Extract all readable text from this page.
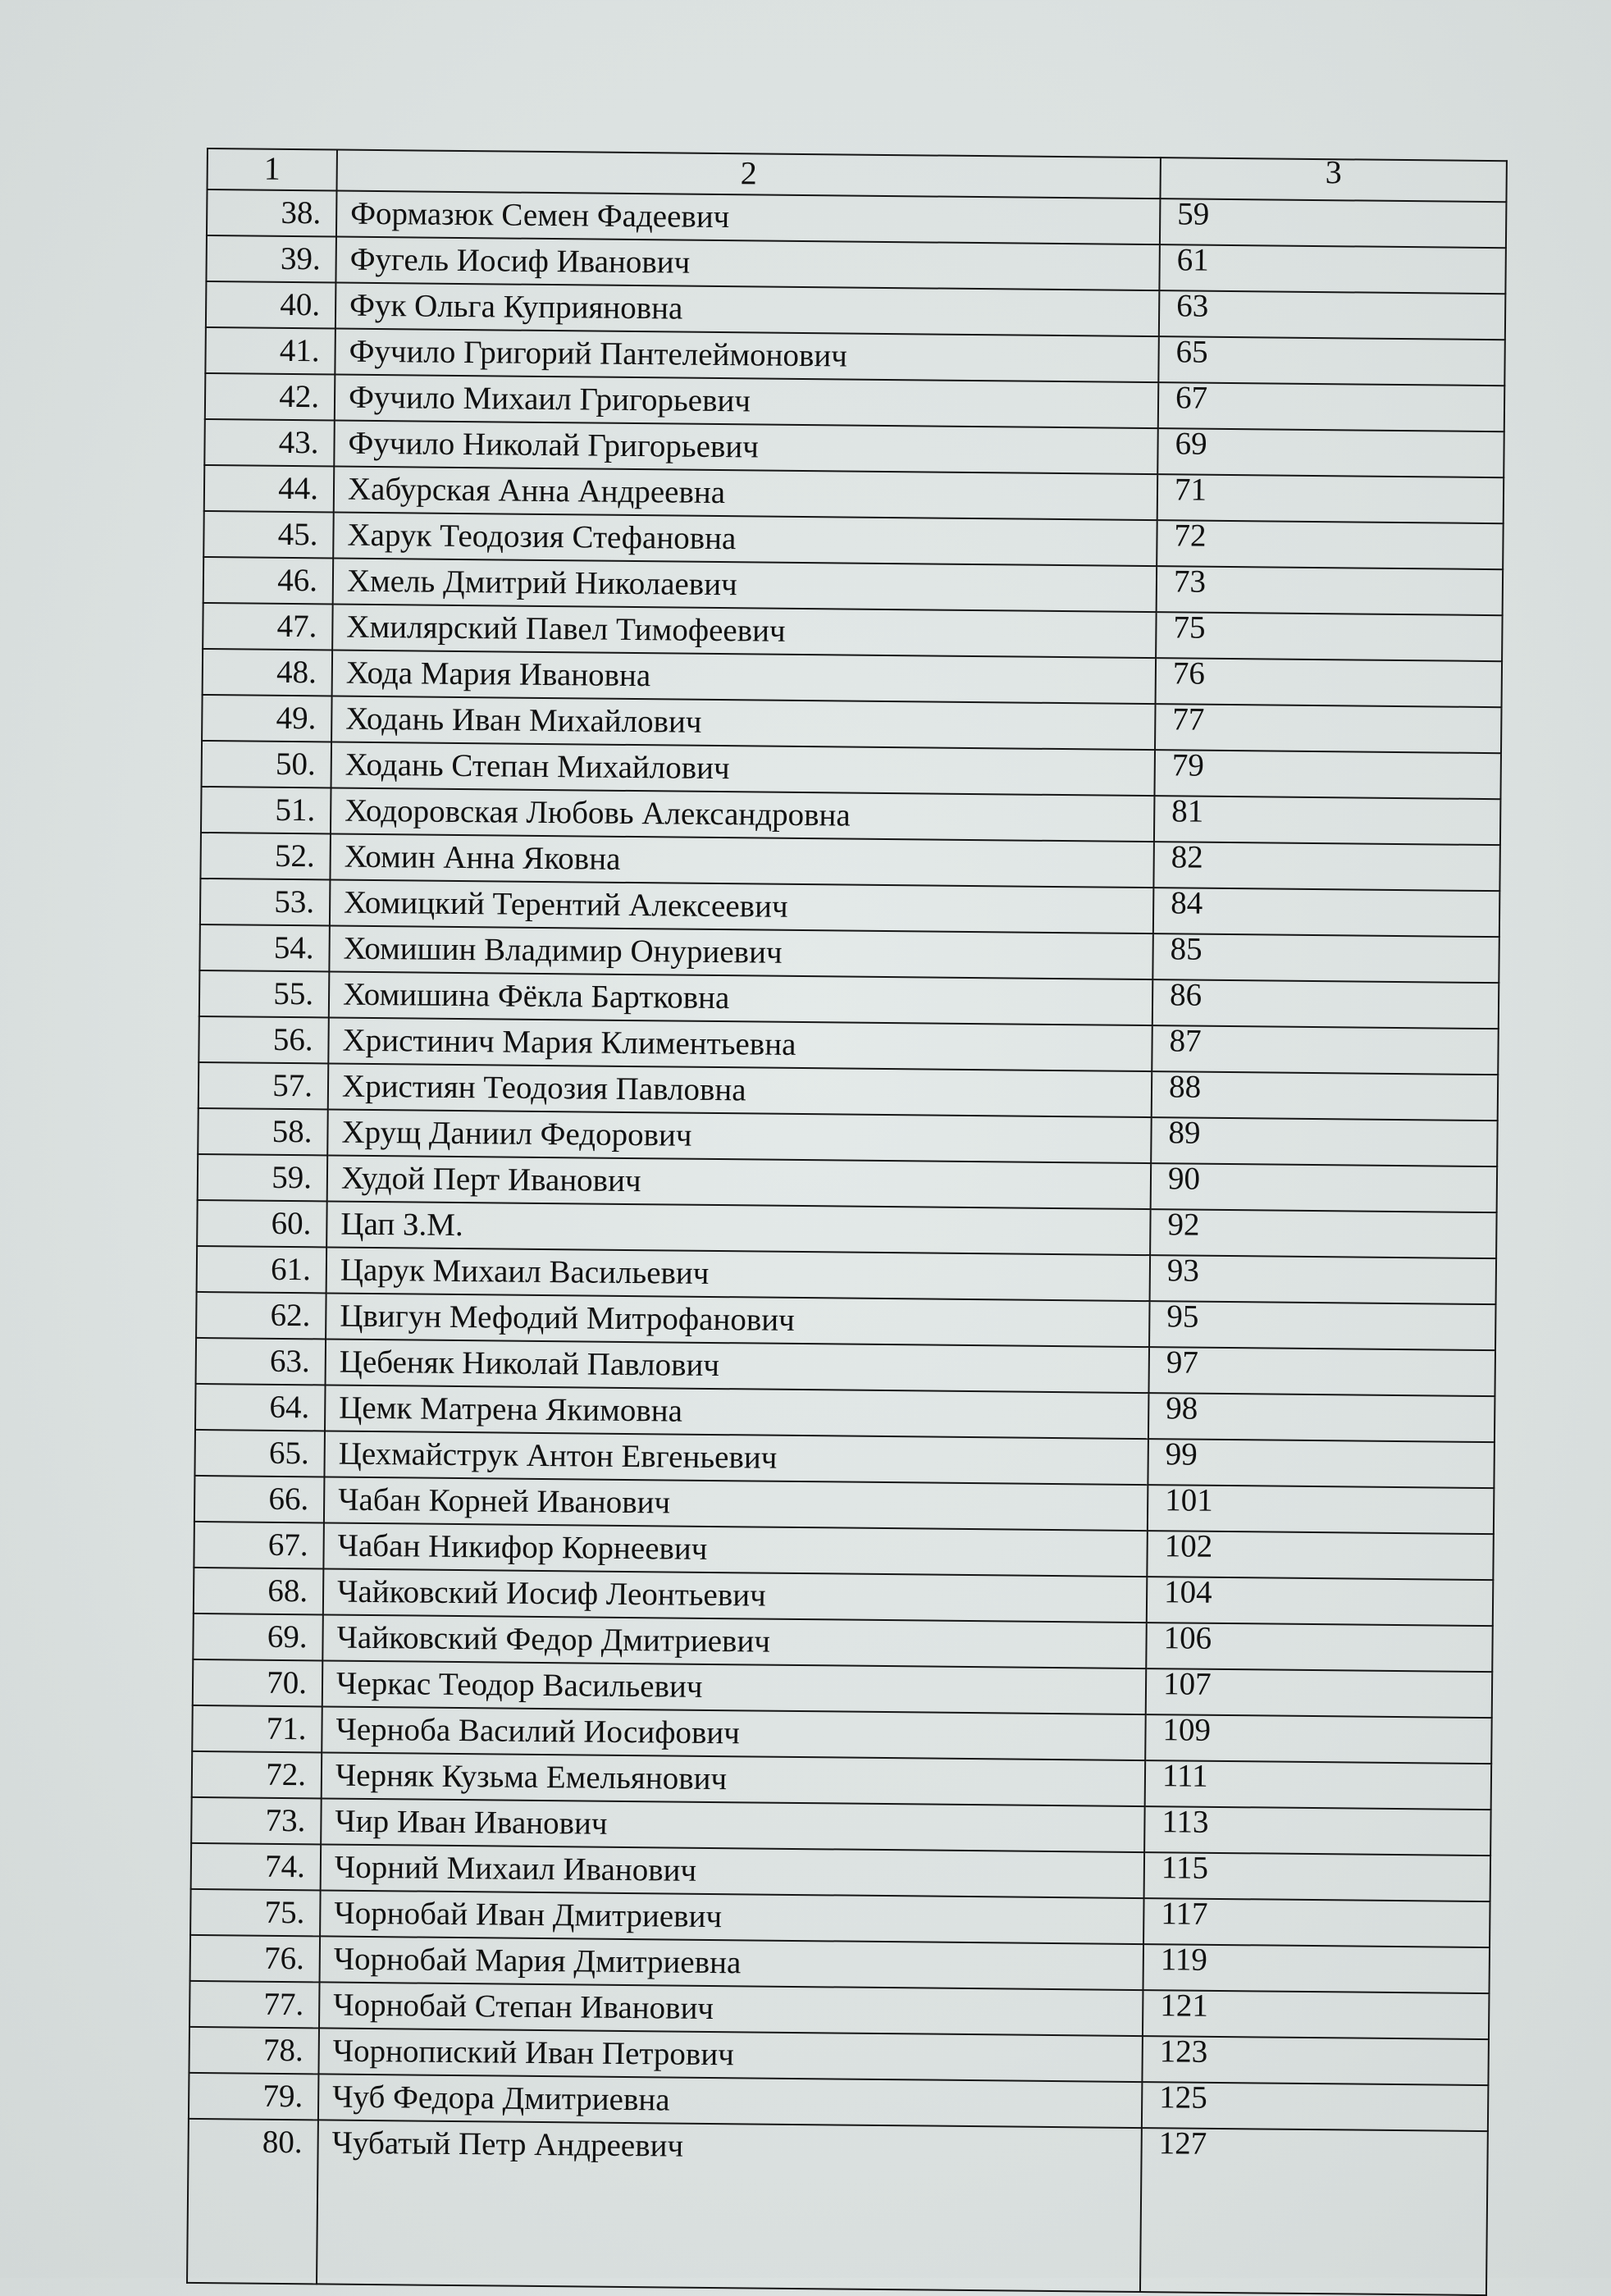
1	2	3
38.	Формазюк Семен Фадеевич	59
39.	Фугель Иосиф Иванович	61
40.	Фук Ольга Куприяновна	63
41.	Фучило Григорий Пантелеймонович	65
42.	Фучило Михаил Григорьевич	67
43.	Фучило Николай Григорьевич	69
44.	Хабурская Анна Андреевна	71
45.	Харук Теодозия Стефановна	72
46.	Хмель Дмитрий Николаевич	73
47.	Хмилярский Павел Тимофеевич	75
48.	Хода Мария Ивановна	76
49.	Ходань Иван Михайлович	77
50.	Ходань Степан Михайлович	79
51.	Ходоровская Любовь Александровна	81
52.	Хомин Анна Яковна	82
53.	Хомицкий Терентий Алексеевич	84
54.	Хомишин Владимир Онуриевич	85
55.	Хомишина Фёкла Бартковна	86
56.	Христинич Мария Климентьевна	87
57.	Християн Теодозия Павловна	88
58.	Хрущ Даниил Федорович	89
59.	Худой Перт Иванович	90
60.	Цап З.М.	92
61.	Царук Михаил Васильевич	93
62.	Цвигун Мефодий Митрофанович	95
63.	Цебеняк Николай Павлович	97
64.	Цемк Матрена Якимовна	98
65.	Цехмайструк Антон Евгеньевич	99
66.	Чабан Корней Иванович	101
67.	Чабан Никифор Корнеевич	102
68.	Чайковский Иосиф Леонтьевич	104
69.	Чайковский Федор Дмитриевич	106
70.	Черкас Теодор Васильевич	107
71.	Черноба Василий Иосифович	109
72.	Черняк Кузьма Емельянович	111
73.	Чир Иван Иванович	113
74.	Чорний Михаил Иванович	115
75.	Чорнобай Иван Дмитриевич	117
76.	Чорнобай Мария Дмитриевна	119
77.	Чорнобай Степан Иванович	121
78.	Чорнопиский Иван Петрович	123
79.	Чуб Федора Дмитриевна	125
80.	Чубатый Петр Андреевич	127
